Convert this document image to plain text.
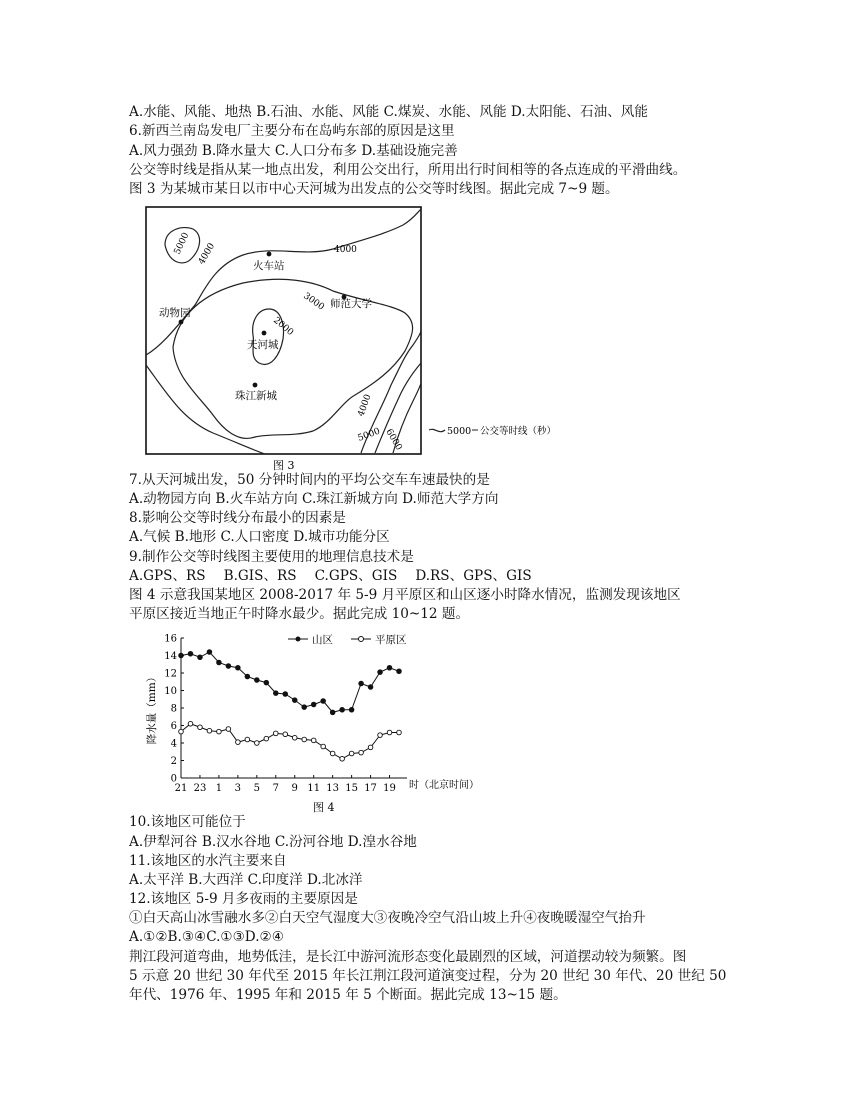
A.水能、风能、地热 B.石油、水能、风能 C.煤炭、水能、风能 D.太阳能、石油、风能
6.新西兰南岛发电厂主要分布在岛屿东部的原因是这里
A.风力强劲 B.降水量大 C.人口分布多 D.基础设施完善
公交等时线是指从某一地点出发，利用公交出行，所用出行时间相等的各点连成的平滑曲线。
图 3 为某城市某日以市中心天河城为出发点的公交等时线图。据此完成 7~9 题。
火车站
师范大学
动物园
天河城
珠江新城
2000
3000
4000
4000
5000
4000
5000 6000	5000 公交等时线（秒）
图 3
7.从天河城出发，50 分钟时间内的平均公交车车速最快的是
A.动物园方向 B.火车站方向 C.珠江新城方向 D.师范大学方向
8.影响公交等时线分布最小的因素是
A.气候 B.地形 C.人口密度 D.城市功能分区
9.制作公交等时线图主要使用的地理信息技术是
A.GPS、RS B.GIS、RS C.GPS、GIS D.RS、GPS、GIS
图 4 示意我国某地区 2008-2017 年 5-9 月平原区和山区逐小时降水情况，监测发现该地区
平原区接近当地正午时降水最少。据此完成 10~12 题。
0
2
4
6
8
10
12
14
16
21 23 1 3 5 7 9 11 13 15 17 19
降水量（mm）
时（北京时间）
山区	平原区
图 4
10.该地区可能位于
A.伊犁河谷 B.汉水谷地 C.汾河谷地 D.湟水谷地
11.该地区的水汽主要来自
A.太平洋 B.大西洋 C.印度洋 D.北冰洋
12.该地区 5-9 月多夜雨的主要原因是
①白天高山冰雪融水多②白天空气湿度大③夜晚冷空气沿山坡上升④夜晚暖湿空气抬升
A.①②B.③④C.①③D.②④
荆江段河道弯曲，地势低洼，是长江中游河流形态变化最剧烈的区域，河道摆动较为频繁。图
5 示意 20 世纪 30 年代至 2015 年长江荆江段河道演变过程，分为 20 世纪 30 年代、20 世纪 50
年代、1976 年、1995 年和 2015 年 5 个断面。据此完成 13~15 题。
